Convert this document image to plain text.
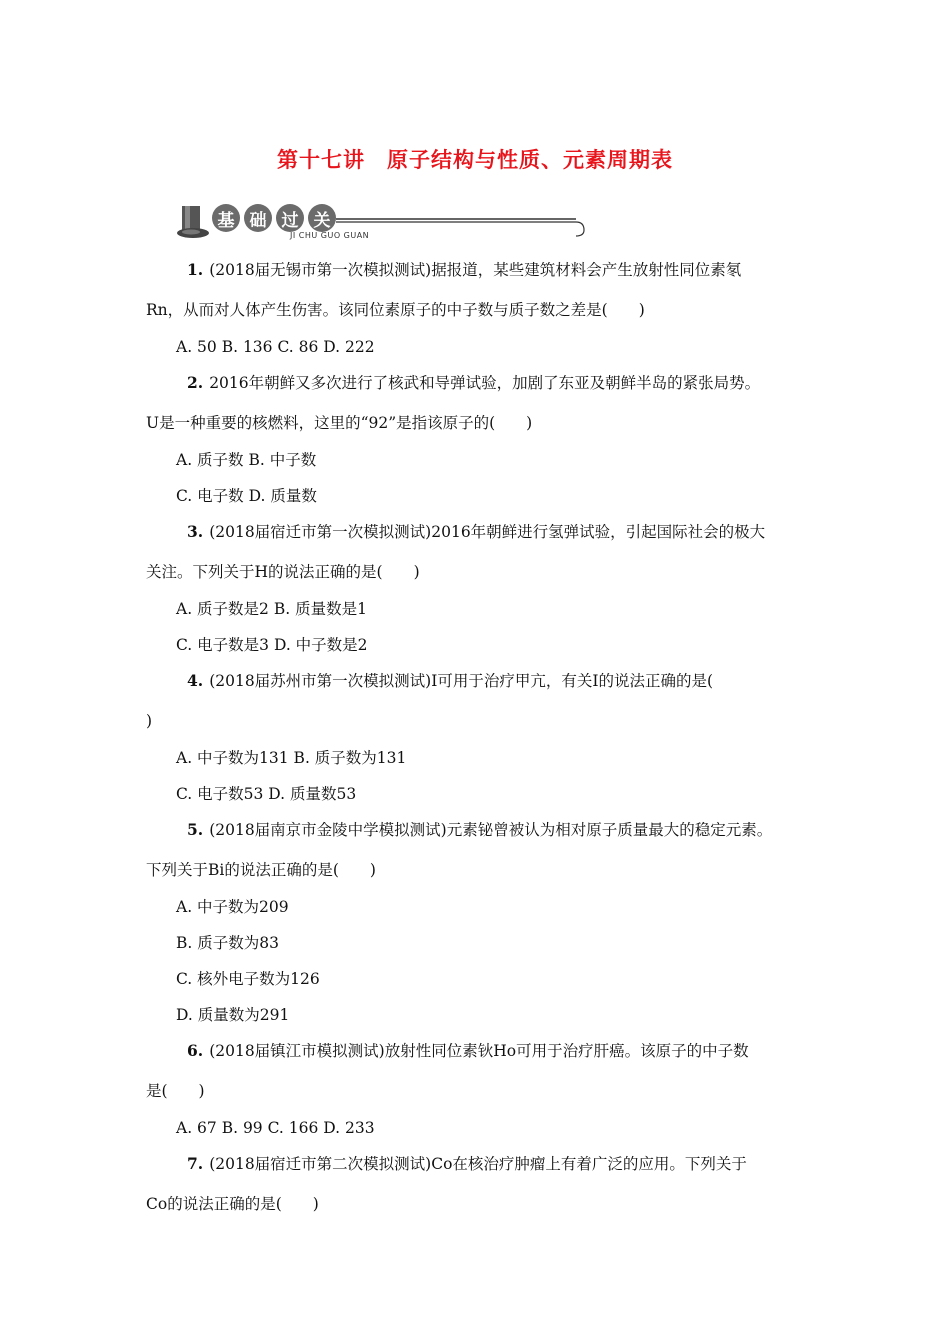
第十七讲　原子结构与性质、元素周期表
基 础 过 关
JI CHU GUO GUAN
1. (2018届无锡市第一次模拟测试)据报道，某些建筑材料会产生放射性同位素氡
Rn，从而对人体产生伤害。该同位素原子的中子数与质子数之差是(　　)
A. 50 B. 136 C. 86 D. 222
2. 2016年朝鲜又多次进行了核武和导弹试验，加剧了东亚及朝鲜半岛的紧张局势。
U是一种重要的核燃料，这里的“92”是指该原子的(　　)
A. 质子数 B. 中子数
C. 电子数 D. 质量数
3. (2018届宿迁市第一次模拟测试)2016年朝鲜进行氢弹试验，引起国际社会的极大
关注。下列关于H的说法正确的是(　　)
A. 质子数是2 B. 质量数是1
C. 电子数是3 D. 中子数是2
4. (2018届苏州市第一次模拟测试)I可用于治疗甲亢，有关I的说法正确的是(
)
A. 中子数为131 B. 质子数为131
C. 电子数53 D. 质量数53
5. (2018届南京市金陵中学模拟测试)元素铋曾被认为相对原子质量最大的稳定元素。
下列关于Bi的说法正确的是(　　)
A. 中子数为209
B. 质子数为83
C. 核外电子数为126
D. 质量数为291
6. (2018届镇江市模拟测试)放射性同位素钬Ho可用于治疗肝癌。该原子的中子数
是(　　)
A. 67 B. 99 C. 166 D. 233
7. (2018届宿迁市第二次模拟测试)Co在核治疗肿瘤上有着广泛的应用。下列关于
Co的说法正确的是(　　)
